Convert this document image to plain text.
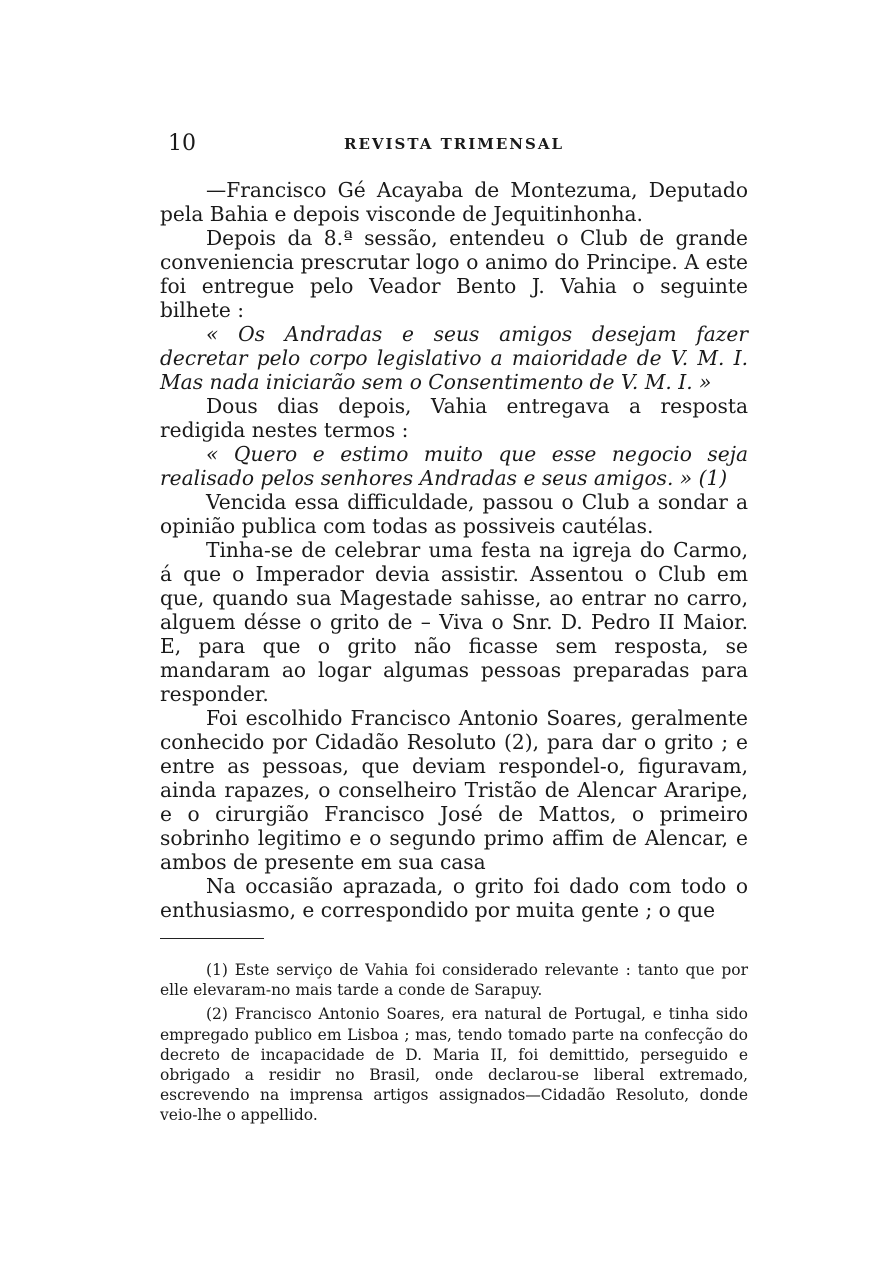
10	REVISTA TRIMENSAL

—Francisco Gé Acayaba de Montezuma, Deputado pela Bahia e depois visconde de Jequitinhonha.

Depois da 8.ª sessão, entendeu o Club de grande conveniencia prescrutar logo o animo do Principe. A este foi entregue pelo Veador Bento J. Vahia o seguinte bilhete :

« Os Andradas e seus amigos desejam fazer decretar pelo corpo legislativo a maioridade de V. M. I. Mas nada iniciarão sem o Consentimento de V. M. I. »

Dous dias depois, Vahia entregava a resposta redigida nestes termos :

« Quero e estimo muito que esse negocio seja realisado pelos senhores Andradas e seus amigos. » (1)

Vencida essa difficuldade, passou o Club a sondar a opinião publica com todas as possiveis cautélas.

Tinha-se de celebrar uma festa na igreja do Carmo, á que o Imperador devia assistir. Assentou o Club em que, quando sua Magestade sahisse, ao entrar no carro, alguem désse o grito de – Viva o Snr. D. Pedro II Maior. E, para que o grito não ficasse sem resposta, se mandaram ao logar algumas pessoas preparadas para responder.

Foi escolhido Francisco Antonio Soares, geralmente conhecido por Cidadão Resoluto (2), para dar o grito ; e entre as pessoas, que deviam respondel-o, figuravam, ainda rapazes, o conselheiro Tristão de Alencar Araripe, e o cirurgião Francisco José de Mattos, o primeiro sobrinho legitimo e o segundo primo affim de Alencar, e ambos de presente em sua casa

Na occasião aprazada, o grito foi dado com todo o enthusiasmo, e correspondido por muita gente ; o que

(1) Este serviço de Vahia foi considerado relevante : tanto que por elle elevaram-no mais tarde a conde de Sarapuy.

(2) Francisco Antonio Soares, era natural de Portugal, e tinha sido empregado publico em Lisboa ; mas, tendo tomado parte na confecção do decreto de incapacidade de D. Maria II, foi demittido, perseguido e obrigado a residir no Brasil, onde declarou-se liberal extremado, escrevendo na imprensa artigos assignados—Cidadão Resoluto, donde veio-lhe o appellido.
